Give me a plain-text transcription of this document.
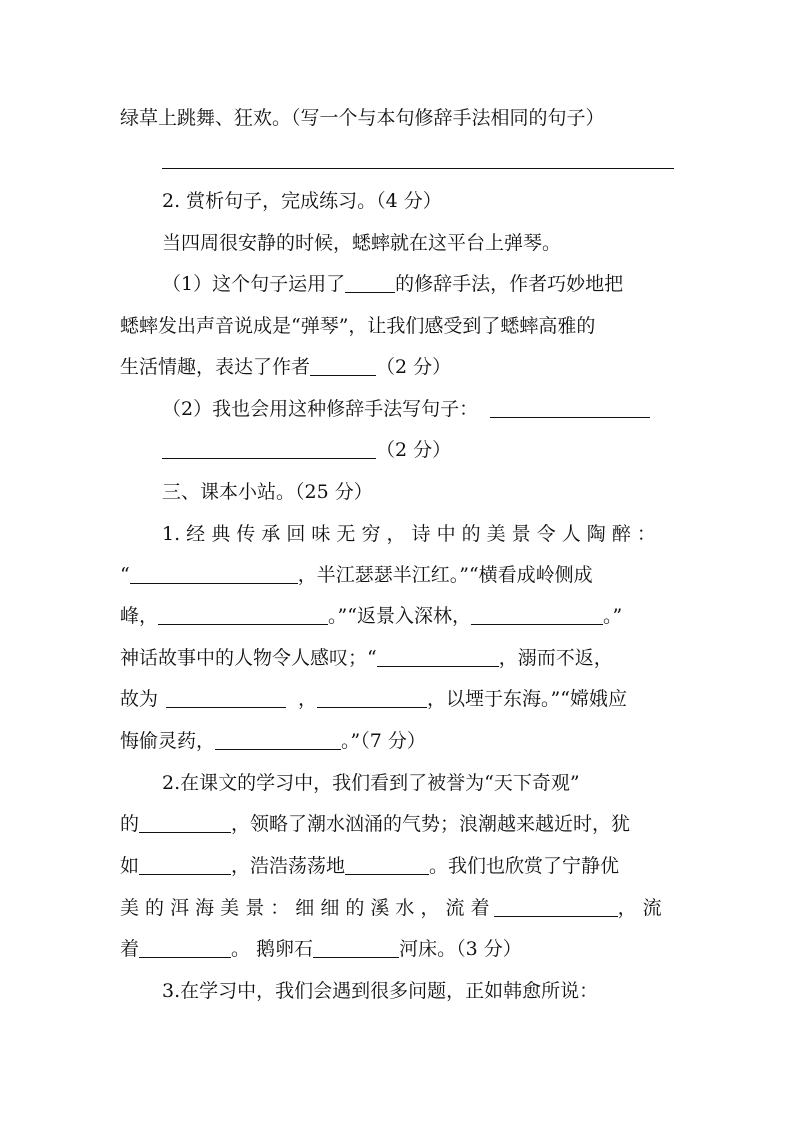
绿草上跳舞、狂欢。（写一个与本句修辞手法相同的句子）
2. 赏析句子，完成练习。（4 分）
当四周很安静的时候，蟋蟀就在这平台上弹琴。
（1）这个句子运用了	的修辞手法，作者巧妙地把
蟋蟀发出声音说成是“弹琴”，让我们感受到了蟋蟀高雅的
生活情趣，表达了作者	（2 分）
（2）我也会用这种修辞手法写句子：
（2 分）
三、课本小站。（25 分）
1. 经 典 传 承 回 味 无 穷 ， 诗 中 的 美 景 令 人 陶 醉 ：
“	，半江瑟瑟半江红。”“横看成岭侧成
峰，	。”“返景入深林，	。”
神话故事中的人物令人感叹；“	，溺而不返，
故为	，	，以堙于东海。”“嫦娥应
悔偷灵药，	。”（7 分）
2.在课文的学习中，我们看到了被誉为“天下奇观”
的	，领略了潮水汹涌的气势；浪潮越来越近时，犹
如	，浩浩荡荡地	。我们也欣赏了宁静优
美 的 洱 海 美 景 ： 细 细 的 溪 水 ， 流 着	， 流
着	。 鹅卵石	河床。（3 分）
3.在学习中，我们会遇到很多问题，正如韩愈所说：
